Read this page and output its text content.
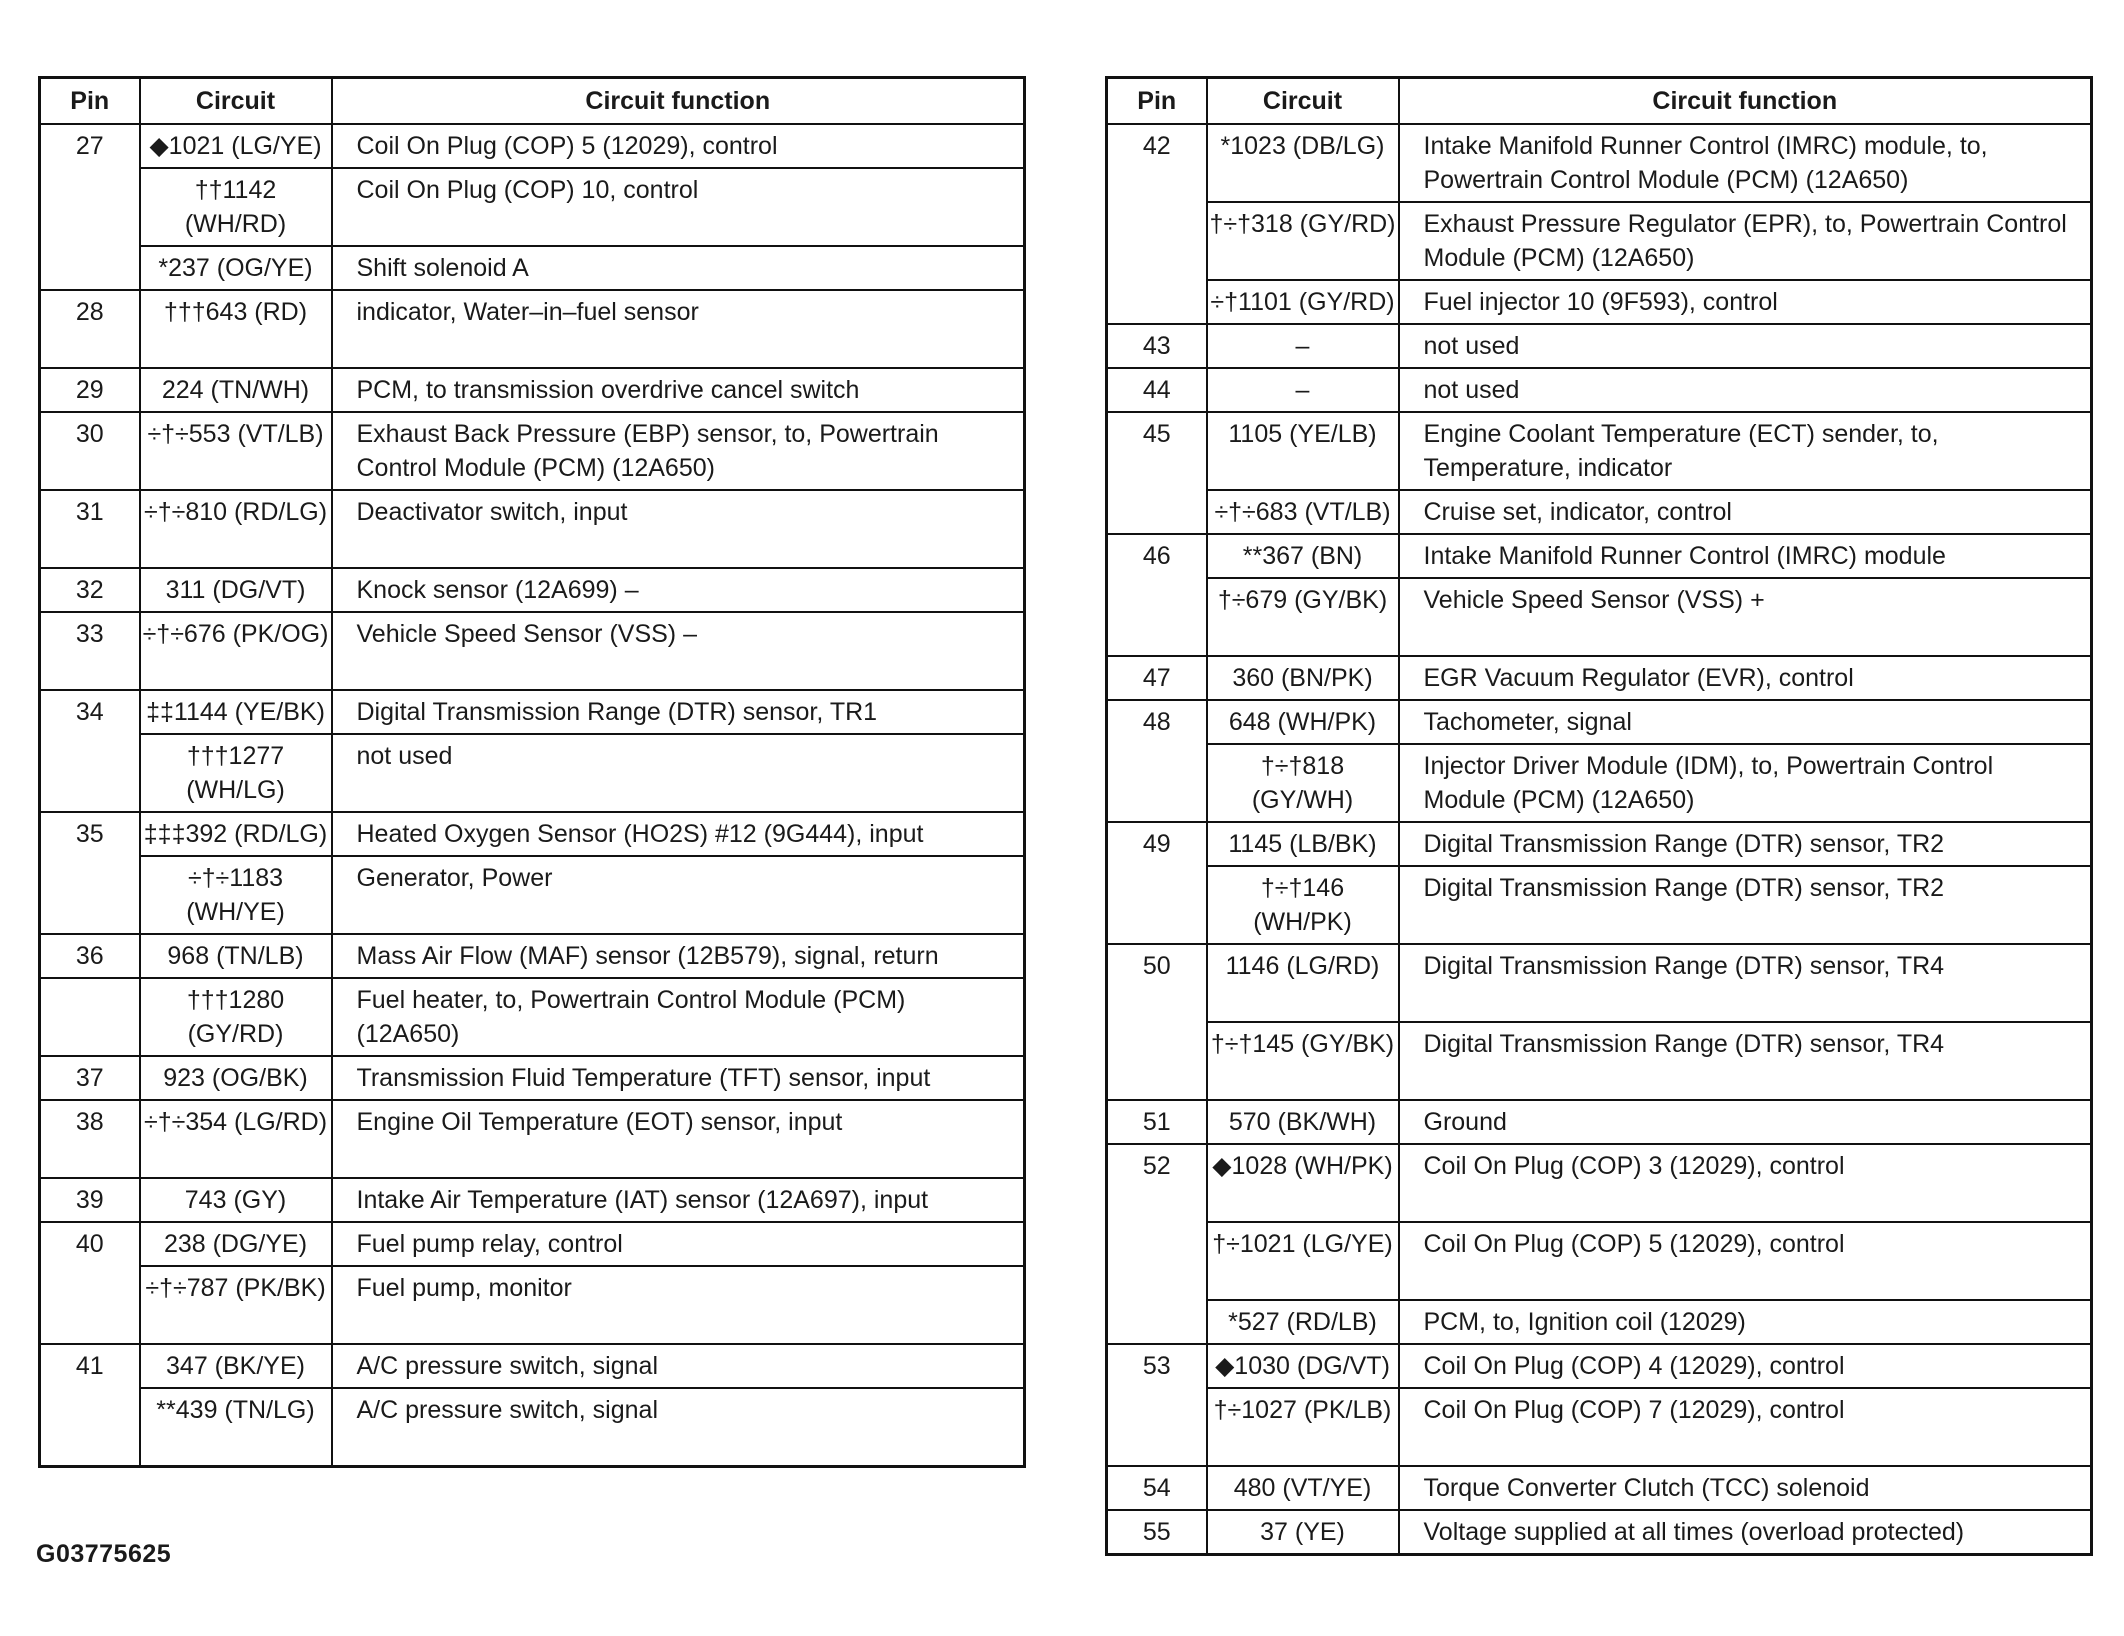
Pin	Circuit	Circuit function
27	◆1021 (LG/YE)	Coil On Plug (COP) 5 (12029), control
	††1142 (WH/RD)	Coil On Plug (COP) 10, control
	*237 (OG/YE)	Shift solenoid A
28	†††643 (RD)	indicator, Water–in–fuel sensor
29	224 (TN/WH)	PCM, to transmission overdrive cancel switch
30	÷†÷553 (VT/LB)	Exhaust Back Pressure (EBP) sensor, to, Powertrain Control Module (PCM) (12A650)
31	÷†÷810 (RD/LG)	Deactivator switch, input
32	311 (DG/VT)	Knock sensor (12A699) –
33	÷†÷676 (PK/OG)	Vehicle Speed Sensor (VSS) –
34	‡‡1144 (YE/BK)	Digital Transmission Range (DTR) sensor, TR1
	†††1277 (WH/LG)	not used
35	‡‡‡392 (RD/LG)	Heated Oxygen Sensor (HO2S) #12 (9G444), input
	÷†÷1183 (WH/YE)	Generator, Power
36	968 (TN/LB)	Mass Air Flow (MAF) sensor (12B579), signal, return
	†††1280 (GY/RD)	Fuel heater, to, Powertrain Control Module (PCM) (12A650)
37	923 (OG/BK)	Transmission Fluid Temperature (TFT) sensor, input
38	÷†÷354 (LG/RD)	Engine Oil Temperature (EOT) sensor, input
39	743 (GY)	Intake Air Temperature (IAT) sensor (12A697), input
40	238 (DG/YE)	Fuel pump relay, control
	÷†÷787 (PK/BK)	Fuel pump, monitor
41	347 (BK/YE)	A/C pressure switch, signal
	**439 (TN/LG)	A/C pressure switch, signal
Pin	Circuit	Circuit function
42	*1023 (DB/LG)	Intake Manifold Runner Control (IMRC) module, to, Powertrain Control Module (PCM) (12A650)
	†÷†318 (GY/RD)	Exhaust Pressure Regulator (EPR), to, Powertrain Control Module (PCM) (12A650)
	÷†1101 (GY/RD)	Fuel injector 10 (9F593), control
43	–	not used
44	–	not used
45	1105 (YE/LB)	Engine Coolant Temperature (ECT) sender, to, Temperature, indicator
	÷†÷683 (VT/LB)	Cruise set, indicator, control
46	**367 (BN)	Intake Manifold Runner Control (IMRC) module
	†÷679 (GY/BK)	Vehicle Speed Sensor (VSS) +
47	360 (BN/PK)	EGR Vacuum Regulator (EVR), control
48	648 (WH/PK)	Tachometer, signal
	†÷†818 (GY/WH)	Injector Driver Module (IDM), to, Powertrain Control Module (PCM) (12A650)
49	1145 (LB/BK)	Digital Transmission Range (DTR) sensor, TR2
	†÷†146 (WH/PK)	Digital Transmission Range (DTR) sensor, TR2
50	1146 (LG/RD)	Digital Transmission Range (DTR) sensor, TR4
	†÷†145 (GY/BK)	Digital Transmission Range (DTR) sensor, TR4
51	570 (BK/WH)	Ground
52	◆1028 (WH/PK)	Coil On Plug (COP) 3 (12029), control
	†÷1021 (LG/YE)	Coil On Plug (COP) 5 (12029), control
	*527 (RD/LB)	PCM, to, Ignition coil (12029)
53	◆1030 (DG/VT)	Coil On Plug (COP) 4 (12029), control
	†÷1027 (PK/LB)	Coil On Plug (COP) 7 (12029), control
54	480 (VT/YE)	Torque Converter Clutch (TCC) solenoid
55	37 (YE)	Voltage supplied at all times (overload protected)
G03775625
